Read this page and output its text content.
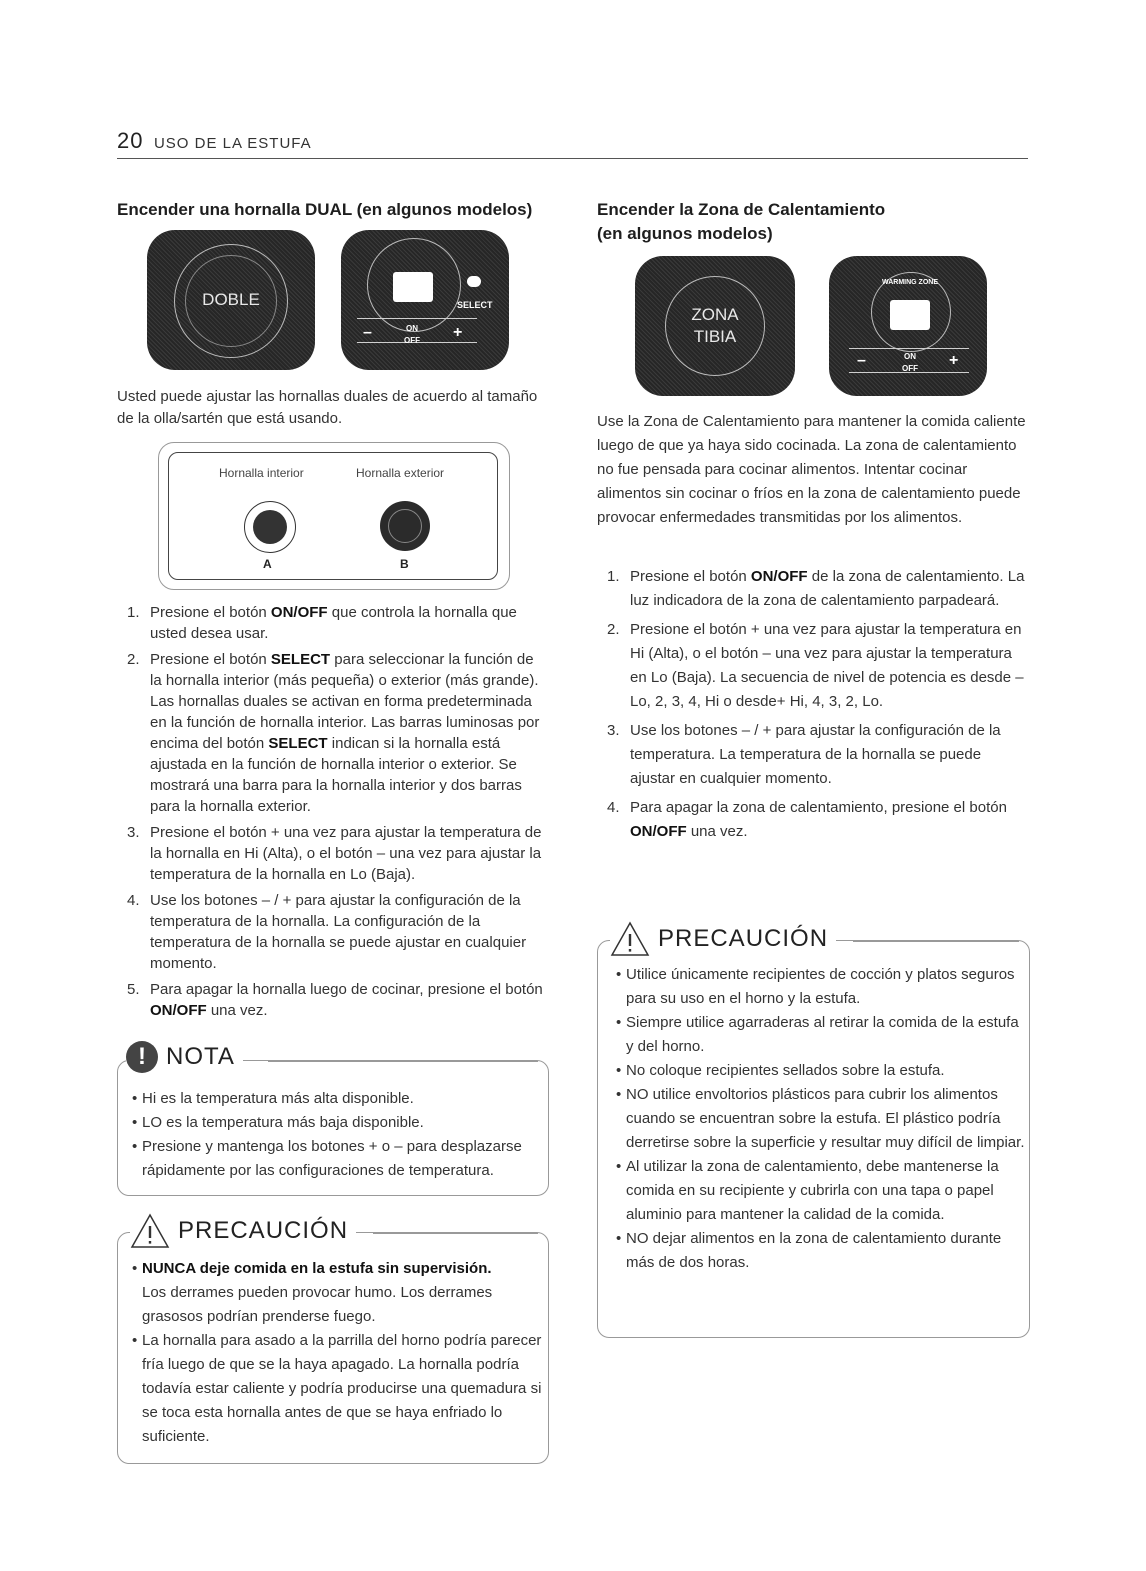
20 USO DE LA ESTUFA
Encender una hornalla DUAL (en algunos modelos)
DOBLE	SELECT
–	+
ON
OFF

Usted puede ajustar las hornallas duales de acuerdo al tamaño de la olla/sartén que está usando.

Hornalla interior	Hornalla exterior
A	B
1. Presione el botón ON/OFF que controla la hornalla que usted desea usar.
2. Presione el botón SELECT para seleccionar la función de la hornalla interior (más pequeña) o exterior (más grande). Las hornallas duales se activan en forma predeterminada en la función de hornalla interior. Las barras luminosas por encima del botón SELECT indican si la hornalla está ajustada en la función de hornalla interior o exterior. Se mostrará una barra para la hornalla interior y dos barras para la hornalla exterior.
3. Presione el botón + una vez para ajustar la temperatura de la hornalla en Hi (Alta), o el botón – una vez para ajustar la temperatura de la hornalla en Lo (Baja).
4. Use los botones – / + para ajustar la configuración de la temperatura de la hornalla. La configuración de la temperatura de la hornalla se puede ajustar en cualquier momento.
5. Para apagar la hornalla luego de cocinar, presione el botón ON/OFF una vez.
! NOTA
• Hi es la temperatura más alta disponible.
• LO es la temperatura más baja disponible.
• Presione y mantenga los botones + o – para desplazarse rápidamente por las configuraciones de temperatura.
PRECAUCIÓN
• NUNCA deje comida en la estufa sin supervisión.
Los derrames pueden provocar humo. Los derrames grasosos podrían prenderse fuego.
• La hornalla para asado a la parrilla del horno podría parecer fría luego de que se la haya apagado. La hornalla podría todavía estar caliente y podría producirse una quemadura si se toca esta hornalla antes de que se haya enfriado lo suficiente.
Encender la Zona de Calentamiento
(en algunos modelos)
ZONA
TIBIA
WARMING ZONE
–	+
ON
OFF

Use la Zona de Calentamiento para mantener la comida caliente luego de que ya haya sido cocinada. La zona de calentamiento no fue pensada para cocinar alimentos. Intentar cocinar alimentos sin cocinar o fríos en la zona de calentamiento puede provocar enfermedades transmitidas por los alimentos.

1. Presione el botón ON/OFF de la zona de calentamiento. La luz indicadora de la zona de calentamiento parpadeará.
2. Presione el botón + una vez para ajustar la temperatura en Hi (Alta), o el botón – una vez para ajustar la temperatura en Lo (Baja). La secuencia de nivel de potencia es desde – Lo, 2, 3, 4, Hi o desde+ Hi, 4, 3, 2, Lo.
3. Use los botones – / + para ajustar la configuración de la temperatura. La temperatura de la hornalla se puede ajustar en cualquier momento.
4. Para apagar la zona de calentamiento, presione el botón ON/OFF una vez.
PRECAUCIÓN
• Utilice únicamente recipientes de cocción y platos seguros para su uso en el horno y la estufa.
• Siempre utilice agarraderas al retirar la comida de la estufa y del horno.
• No coloque recipientes sellados sobre la estufa.
• NO utilice envoltorios plásticos para cubrir los alimentos cuando se encuentran sobre la estufa. El plástico podría derretirse sobre la superficie y resultar muy difícil de limpiar.
• Al utilizar la zona de calentamiento, debe mantenerse la comida en su recipiente y cubrirla con una tapa o papel aluminio para mantener la calidad de la comida.
• NO dejar alimentos en la zona de calentamiento durante más de dos horas.
